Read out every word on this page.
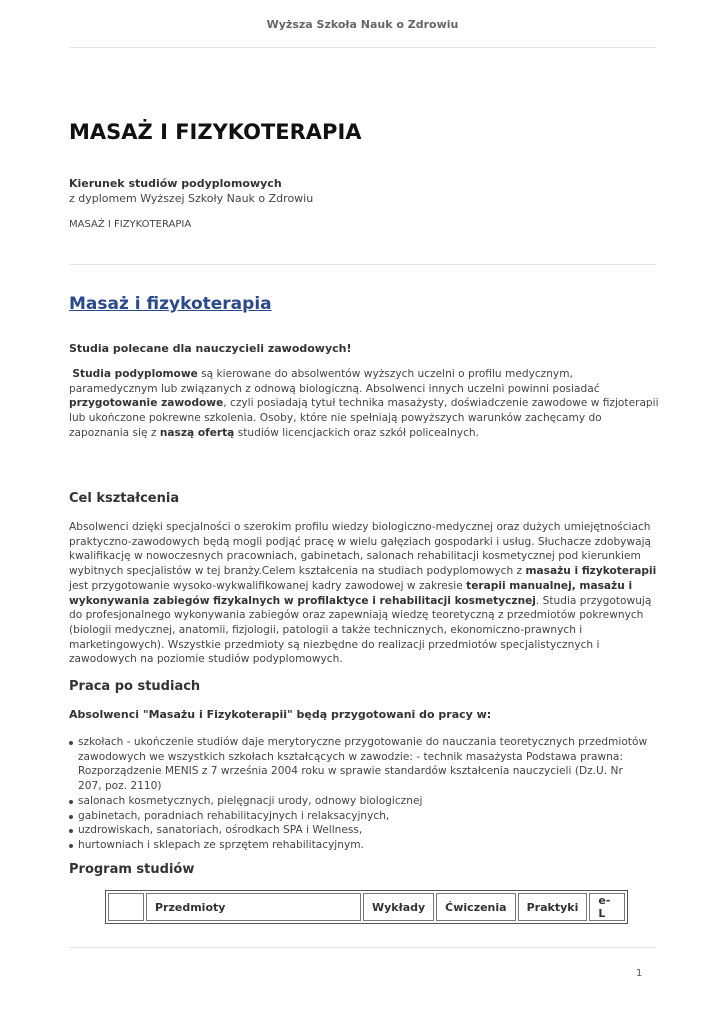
Wyższa Szkoła Nauk o Zdrowiu
MASAŻ I FIZYKOTERAPIA
Kierunek studiów podyplomowych
z dyplomem Wyższej Szkoły Nauk o Zdrowiu
MASAŻ I FIZYKOTERAPIA
Masaż i fizykoterapia
Studia polecane dla nauczycieli zawodowych!
Studia podyplomowe są kierowane do absolwentów wyższych uczelni o profilu medycznym, paramedycznym lub związanych z odnową biologiczną. Absolwenci innych uczelni powinni posiadać przygotowanie zawodowe, czyli posiadają tytuł technika masażysty, doświadczenie zawodowe w fizjoterapii lub ukończone pokrewne szkolenia. Osoby, które nie spełniają powyższych warunków zachęcamy do zapoznania się z naszą ofertą studiów licencjackich oraz szkół policealnych.
Cel kształcenia
Absolwenci dzięki specjalności o szerokim profilu wiedzy biologiczno-medycznej oraz dużych umiejętnościach praktyczno-zawodowych będą mogli podjąć pracę w wielu gałęziach gospodarki i usług. Słuchacze zdobywają kwalifikację w nowoczesnych pracowniach, gabinetach, salonach rehabilitacji kosmetycznej pod kierunkiem wybitnych specjalistów w tej branży.Celem kształcenia na studiach podyplomowych z masażu i fizykoterapii jest przygotowanie wysoko-wykwalifikowanej kadry zawodowej w zakresie terapii manualnej, masażu i wykonywania zabiegów fizykalnych w profilaktyce i rehabilitacji kosmetycznej. Studia przygotowują do profesjonalnego wykonywania zabiegów oraz zapewniają wiedzę teoretyczną z przedmiotów pokrewnych (biologii medycznej, anatomii, fizjologii, patologii a także technicznych, ekonomiczno-prawnych i marketingowych). Wszystkie przedmioty są niezbędne do realizacji przedmiotów specjalistycznych i zawodowych na poziomie studiów podyplomowych.
Praca po studiach
Absolwenci "Masażu i Fizykoterapii" będą przygotowani do pracy w:
szkołach - ukończenie studiów daje merytoryczne przygotowanie do nauczania teoretycznych przedmiotów zawodowych we wszystkich szkołach kształcących w zawodzie: - technik masażysta Podstawa prawna: Rozporządzenie MENIS z 7 września 2004 roku w sprawie standardów kształcenia nauczycieli (Dz.U. Nr 207, poz. 2110)
salonach kosmetycznych, pielęgnacji urody, odnowy biologicznej
gabinetach, poradniach rehabilitacyjnych i relaksacyjnych,
uzdrowiskach, sanatoriach, ośrodkach SPA i Wellness,
hurtowniach i sklepach ze sprzętem rehabilitacyjnym.
Program studiów
	Przedmioty	Wykłady	Ćwiczenia	Praktyki	e-L
1
